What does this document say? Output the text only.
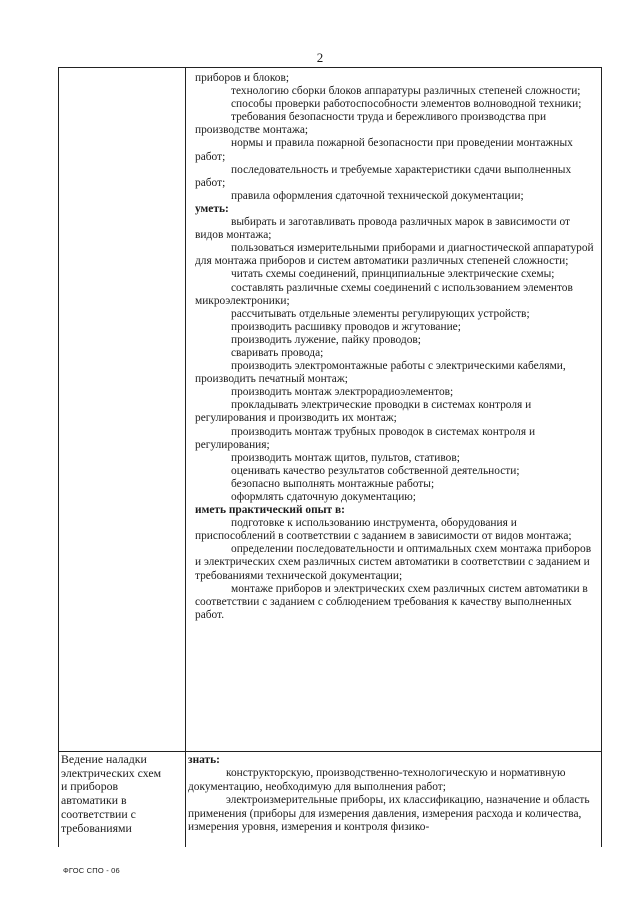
2

приборов и блоков;

технологию сборки блоков аппаратуры различных степеней сложности;

способы проверки работоспособности элементов волноводной техники;

требования безопасности труда и бережливого производства при производстве монтажа;

нормы и правила пожарной безопасности при проведении монтажных работ;

последовательность и требуемые характеристики сдачи выполненных работ;

правила оформления сдаточной технической документации;

уметь:

выбирать и заготавливать провода различных марок в зависимости от видов монтажа;

пользоваться измерительными приборами и диагностической аппаратурой для монтажа приборов и систем автоматики различных степеней сложности;

читать схемы соединений, принципиальные электрические схемы;

составлять различные схемы соединений с использованием элементов микроэлектроники;

рассчитывать отдельные элементы регулирующих устройств;

производить расшивку проводов и жгутование;

производить лужение, пайку проводов;

сваривать провода;

производить электромонтажные работы с электрическими кабелями, производить печатный монтаж;

производить монтаж электрорадиоэлементов;

прокладывать электрические проводки в системах контроля и регулирования и производить их монтаж;

производить монтаж трубных проводок в системах контроля и регулирования;

производить монтаж щитов, пультов, стативов;

оценивать качество результатов собственной деятельности;

безопасно выполнять монтажные работы;

оформлять сдаточную документацию;

иметь практический опыт в:

подготовке к использованию инструмента, оборудования и приспособлений в соответствии с заданием в зависимости от видов монтажа;

определении последовательности и оптимальных схем монтажа приборов и электрических схем различных систем автоматики в соответствии с заданием и требованиями технической документации;

монтаже приборов и электрических схем различных систем автоматики в соответствии с заданием с соблюдением требования к качеству выполненных работ.

Ведение наладки
электрических схем
и приборов
автоматики в
соответствии с
требованиями

знать:

конструкторскую, производственно-технологическую и нормативную документацию, необходимую для выполнения работ;

электроизмерительные приборы, их классификацию, назначение и область применения (приборы для измерения давления, измерения расхода и количества, измерения уровня, измерения и контроля физико-

ФГОС СПО - 06
